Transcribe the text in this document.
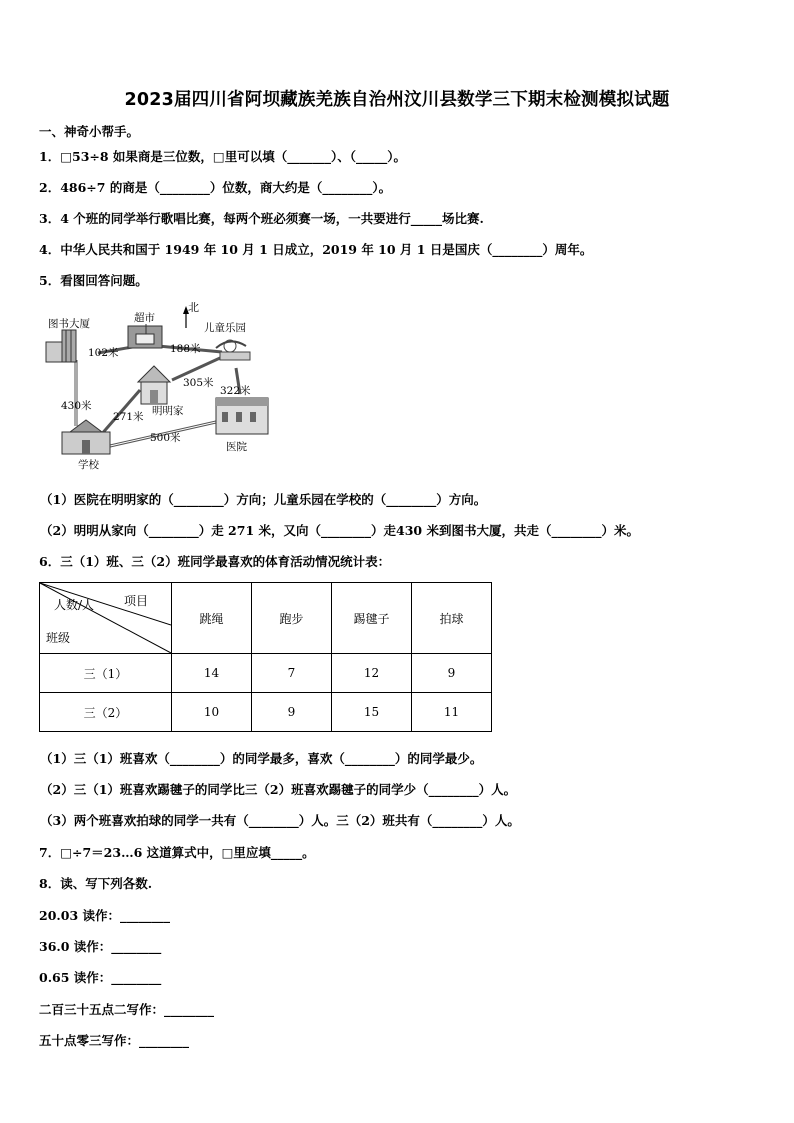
2023届四川省阿坝藏族羌族自治州汶川县数学三下期末检测模拟试题
一、神奇小帮手。
1．□53÷8 如果商是三位数，□里可以填（_______）、（_____）。
2．486÷7 的商是（________）位数，商大约是（________）。
3．4 个班的同学举行歌唱比赛，每两个班必须赛一场，一共要进行_____场比赛.
4．中华人民共和国于 1949 年 10 月 1 日成立，2019 年 10 月 1 日是国庆（________）周年。
5．看图回答问题。
北
图书大厦	超市
儿童乐园
明明家
医院
学校
102米	188米
305米
322米
430米
271米
500米
（1）医院在明明家的（________）方向；儿童乐园在学校的（________）方向。
（2）明明从家向（________）走 271 米，又向（________）走430 米到图书大厦，共走（________）米。
6．三（1）班、三（2）班同学最喜欢的体育活动情况统计表：
项目
人数/人
班级	跳绳	跑步	踢毽子	拍球
三（1）	14	7	12	9
三（2）	10	9	15	11
（1）三（1）班喜欢（________）的同学最多，喜欢（________）的同学最少。
（2）三（1）班喜欢踢毽子的同学比三（2）班喜欢踢毽子的同学少（________）人。
（3）两个班喜欢拍球的同学一共有（________）人。三（2）班共有（________）人。
7．□÷7＝23…6 这道算式中，□里应填_____。
8．读、写下列各数.
20.03 读作：________
36.0 读作：________
0.65 读作：________
二百三十五点二写作：________
五十点零三写作：________
